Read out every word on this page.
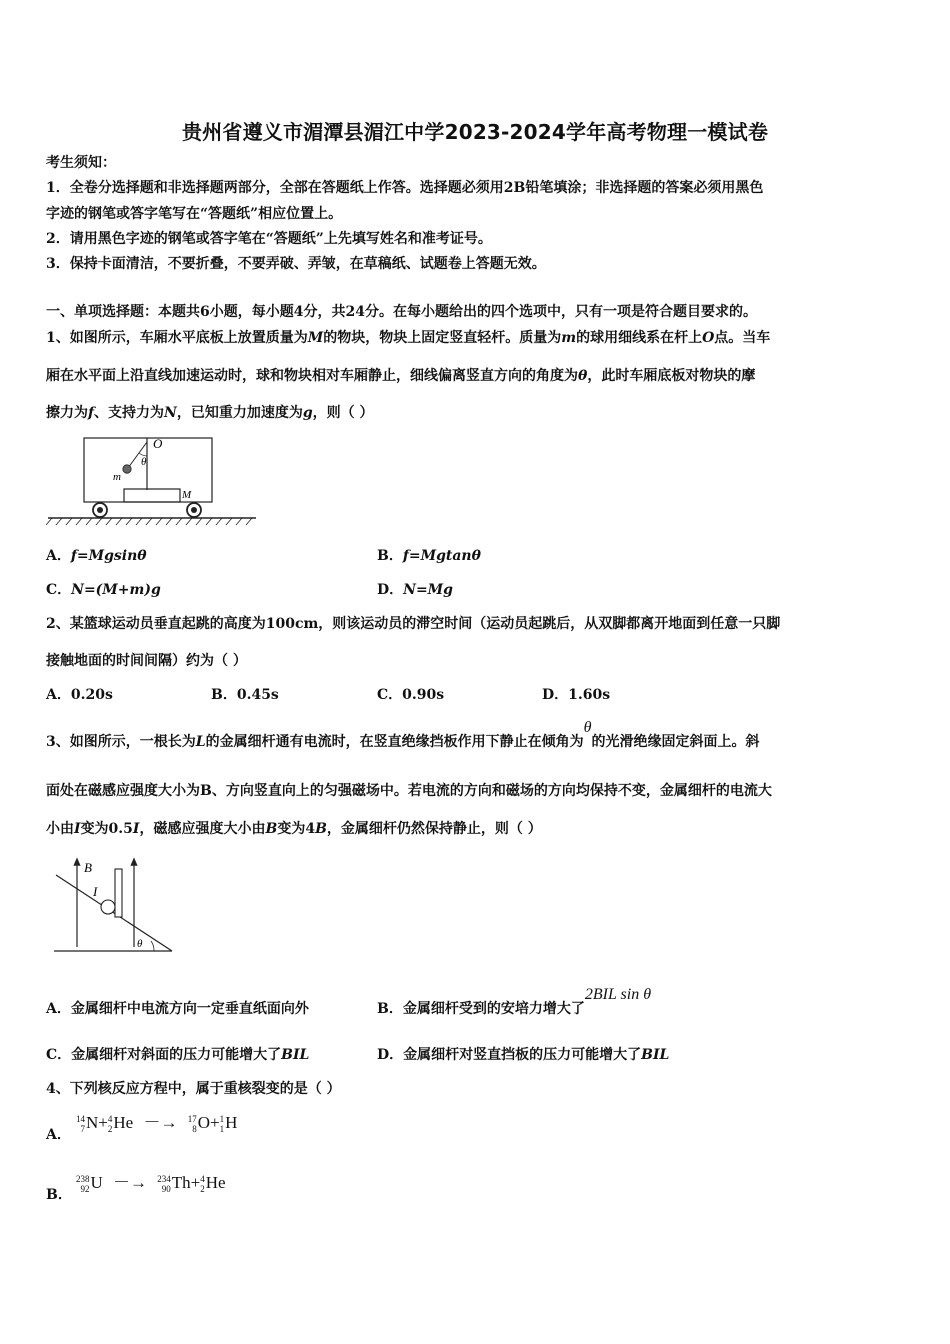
贵州省遵义市湄潭县湄江中学2023-2024学年高考物理一模试卷
考生须知：
1．全卷分选择题和非选择题两部分，全部在答题纸上作答。选择题必须用2B铅笔填涂；非选择题的答案必须用黑色
字迹的钢笔或答字笔写在“答题纸”相应位置上。
2．请用黑色字迹的钢笔或答字笔在“答题纸”上先填写姓名和准考证号。
3．保持卡面清洁，不要折叠，不要弄破、弄皱，在草稿纸、试题卷上答题无效。
一、单项选择题：本题共6小题，每小题4分，共24分。在每小题给出的四个选项中，只有一项是符合题目要求的。
1、如图所示，车厢水平底板上放置质量为M的物块，物块上固定竖直轻杆。质量为m的球用细线系在杆上O点。当车
厢在水平面上沿直线加速运动时，球和物块相对车厢静止，细线偏离竖直方向的角度为θ，此时车厢底板对物块的摩
擦力为f、支持力为N，已知重力加速度为g，则（ ）
O
θ
m
M
A．f=Mgsinθ	B．f=Mgtanθ
C．N=(M+m)g	D．N=Mg
2、某篮球运动员垂直起跳的高度为100cm，则该运动员的滞空时间（运动员起跳后，从双脚都离开地面到任意一只脚
接触地面的时间间隔）约为（ ）
A．0.20s	B．0.45s	C．0.90s	D．1.60s
3、如图所示，一根长为L的金属细杆通有电流时，在竖直绝缘挡板作用下静止在倾角为θ的光滑绝缘固定斜面上。斜
面处在磁感应强度大小为B、方向竖直向上的匀强磁场中。若电流的方向和磁场的方向均保持不变，金属细杆的电流大
小由I变为0.5I，磁感应强度大小由B变为4B，金属细杆仍然保持静止，则（ ）
B
I
θ
A．金属细杆中电流方向一定垂直纸面向外	B．金属细杆受到的安培力增大了2BIL sin θ
C．金属细杆对斜面的压力可能增大了BIL	D．金属细杆对竖直挡板的压力可能增大了BIL
4、下列核反应方程中，属于重核裂变的是（ ）
A．
14
7 N+ 4
2 He －→ 17
8 O+ 1
1 H
B．
238
92 U －→ 234
90 Th+ 4
2 He
